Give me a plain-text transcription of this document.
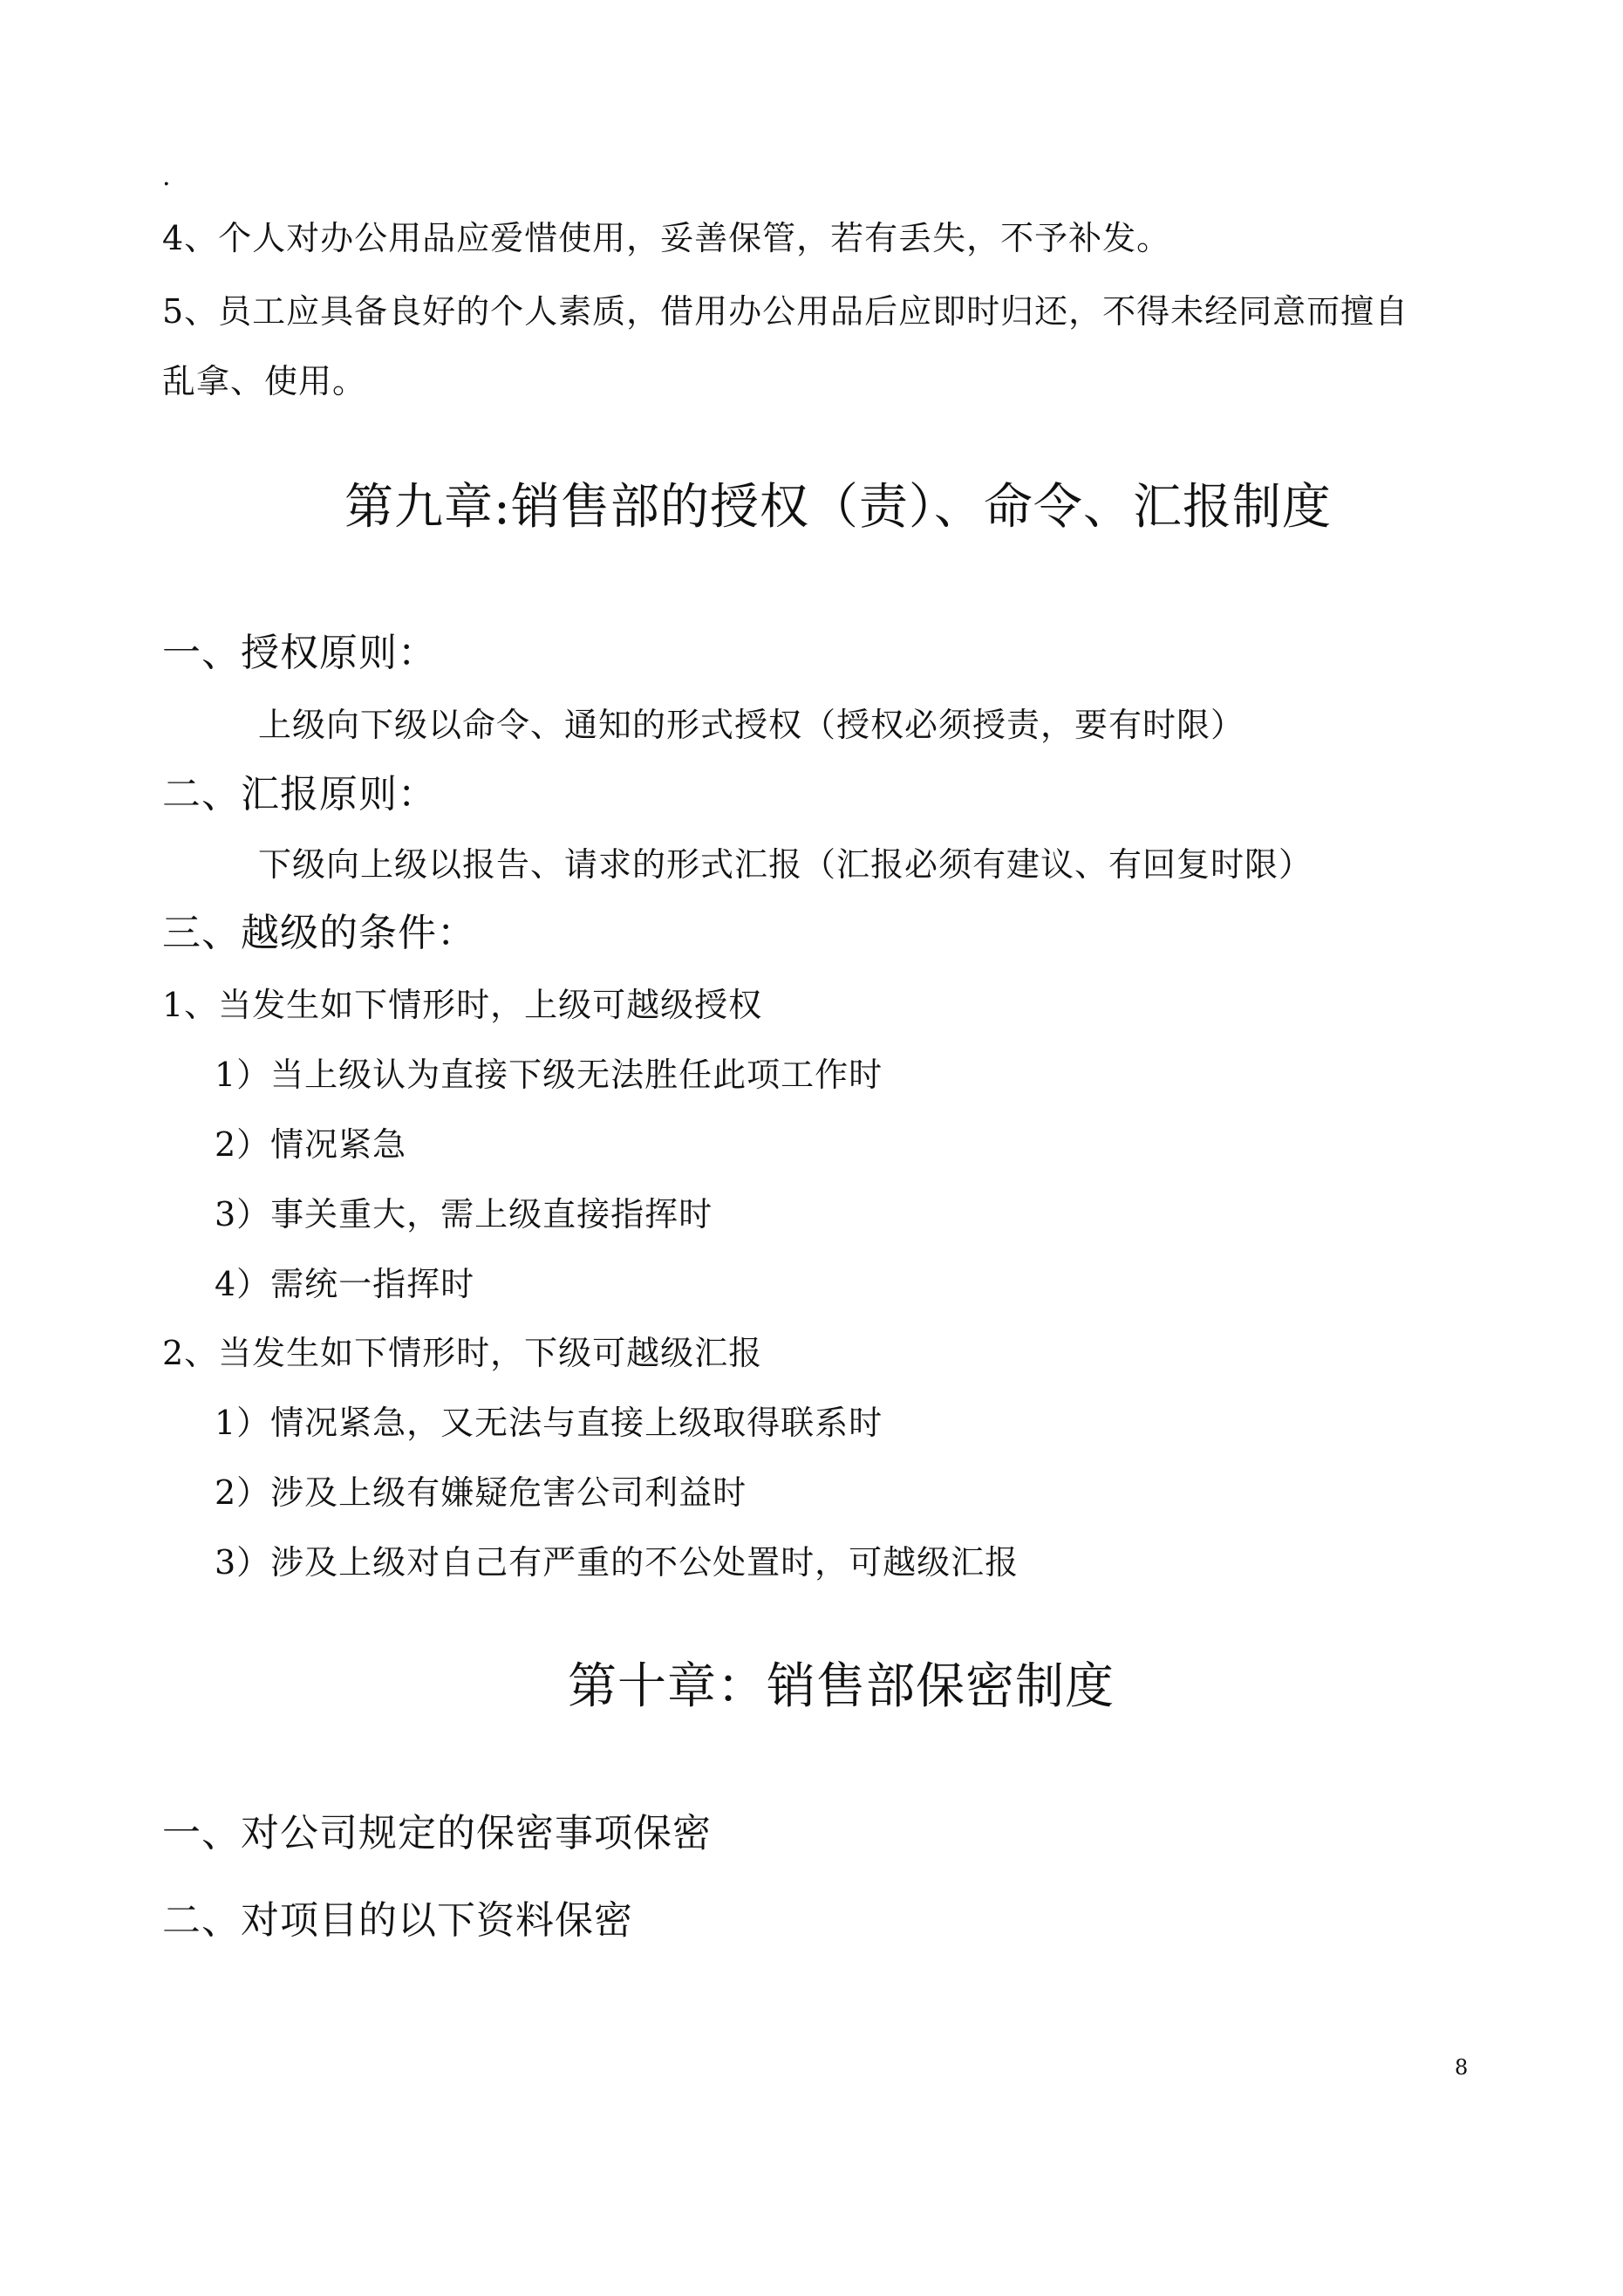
.
4、个人对办公用品应爱惜使用，妥善保管，若有丢失，不予补发。
5、员工应具备良好的个人素质，借用办公用品后应即时归还，不得未经同意而擅自
乱拿、使用。
第九章:销售部的授权（责）、命令、汇报制度
一、授权原则：
上级向下级以命令、通知的形式授权（授权必须授责，要有时限）
二、汇报原则：
下级向上级以报告、请求的形式汇报（汇报必须有建议、有回复时限）
三、越级的条件：
1、当发生如下情形时，上级可越级授权
1）当上级认为直接下级无法胜任此项工作时
2）情况紧急
3）事关重大，需上级直接指挥时
4）需统一指挥时
2、当发生如下情形时，下级可越级汇报
1）情况紧急，又无法与直接上级取得联系时
2）涉及上级有嫌疑危害公司利益时
3）涉及上级对自己有严重的不公处置时，可越级汇报
第十章：销售部保密制度
一、对公司规定的保密事项保密
二、对项目的以下资料保密
8
